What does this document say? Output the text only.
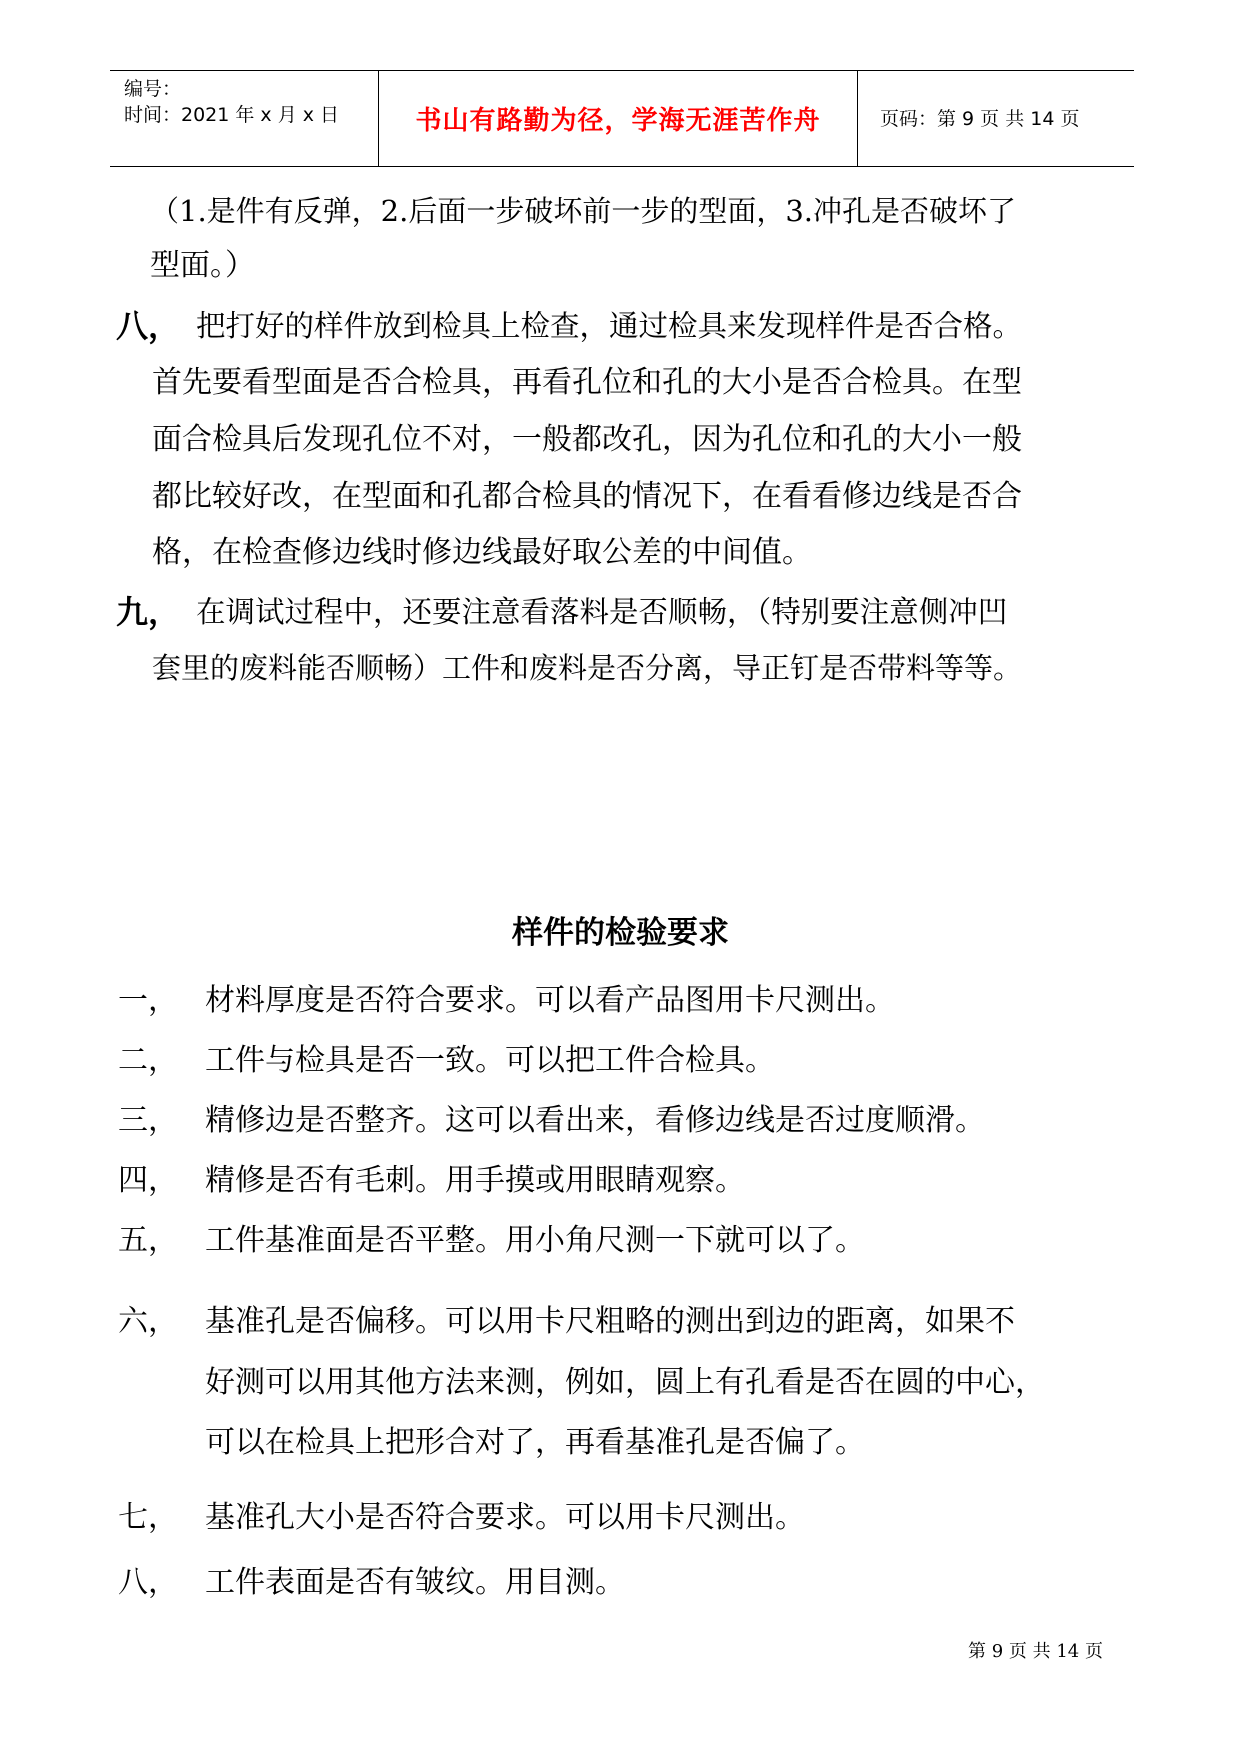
编号：
时间：2021 年 x 月 x 日	书山有路勤为径，学海无涯苦作舟	页码：第 9 页 共 14 页
（1.是件有反弹，2.后面一步破坏前一步的型面，3.冲孔是否破坏了
型面。）
八， 把打好的样件放到检具上检查，通过检具来发现样件是否合格。
首先要看型面是否合检具，再看孔位和孔的大小是否合检具。在型
面合检具后发现孔位不对，一般都改孔，因为孔位和孔的大小一般
都比较好改，在型面和孔都合检具的情况下，在看看修边线是否合
格，在检查修边线时修边线最好取公差的中间值。
九， 在调试过程中，还要注意看落料是否顺畅，（特别要注意侧冲凹
套里的废料能否顺畅）工件和废料是否分离，导正钉是否带料等等。
样件的检验要求
一， 材料厚度是否符合要求。可以看产品图用卡尺测出。
二， 工件与检具是否一致。可以把工件合检具。
三， 精修边是否整齐。这可以看出来，看修边线是否过度顺滑。
四， 精修是否有毛刺。用手摸或用眼睛观察。
五， 工件基准面是否平整。用小角尺测一下就可以了。
六， 基准孔是否偏移。可以用卡尺粗略的测出到边的距离，如果不
好测可以用其他方法来测，例如，圆上有孔看是否在圆的中心，
可以在检具上把形合对了，再看基准孔是否偏了。
七， 基准孔大小是否符合要求。可以用卡尺测出。
八， 工件表面是否有皱纹。用目测。
第 9 页 共 14 页
